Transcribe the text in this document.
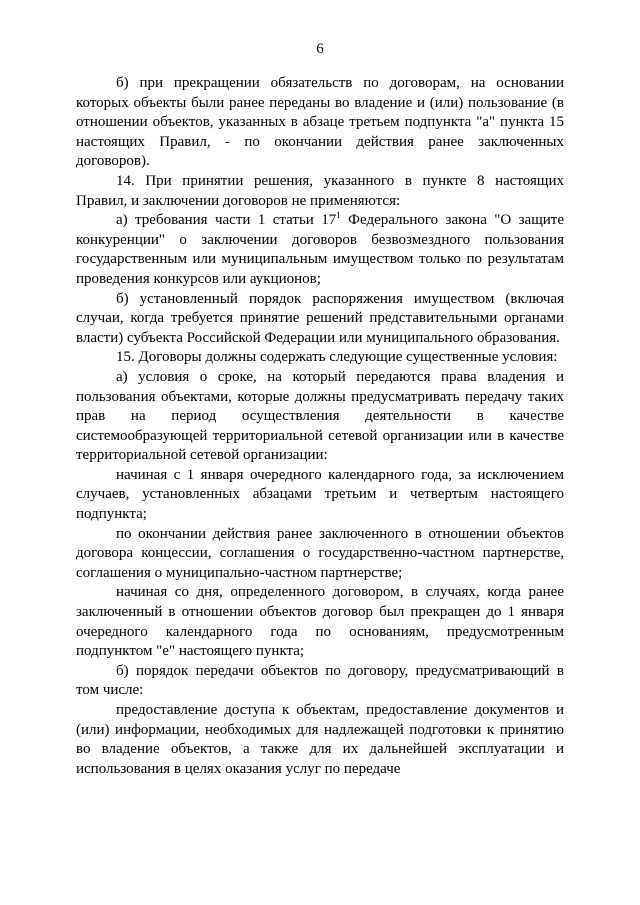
6

б) при прекращении обязательств по договорам, на основании которых объекты были ранее переданы во владение и (или) пользование (в отношении объектов, указанных в абзаце третьем подпункта "а" пункта 15 настоящих Правил, - по окончании действия ранее заключенных договоров).

14. При принятии решения, указанного в пункте 8 настоящих Правил, и заключении договоров не применяются:

а) требования части 1 статьи $17^1$ Федерального закона "О защите конкуренции" о заключении договоров безвозмездного пользования государственным или муниципальным имуществом только по результатам проведения конкурсов или аукционов;

б) установленный порядок распоряжения имуществом (включая случаи, когда требуется принятие решений представительными органами власти) субъекта Российской Федерации или муниципального образования.

15. Договоры должны содержать следующие существенные условия:

а) условия о сроке, на который передаются права владения и пользования объектами, которые должны предусматривать передачу таких прав на период осуществления деятельности в качестве системообразующей территориальной сетевой организации или в качестве территориальной сетевой организации:

начиная с 1 января очередного календарного года, за исключением случаев, установленных абзацами третьим и четвертым настоящего подпункта;

по окончании действия ранее заключенного в отношении объектов договора концессии, соглашения о государственно-частном партнерстве, соглашения о муниципально-частном партнерстве;

начиная со дня, определенного договором, в случаях, когда ранее заключенный в отношении объектов договор был прекращен до 1 января очередного календарного года по основаниям, предусмотренным подпунктом "е" настоящего пункта;

б) порядок передачи объектов по договору, предусматривающий в том числе:

предоставление доступа к объектам, предоставление документов и (или) информации, необходимых для надлежащей подготовки к принятию во владение объектов, а также для их дальнейшей эксплуатации и использования в целях оказания услуг по передаче
